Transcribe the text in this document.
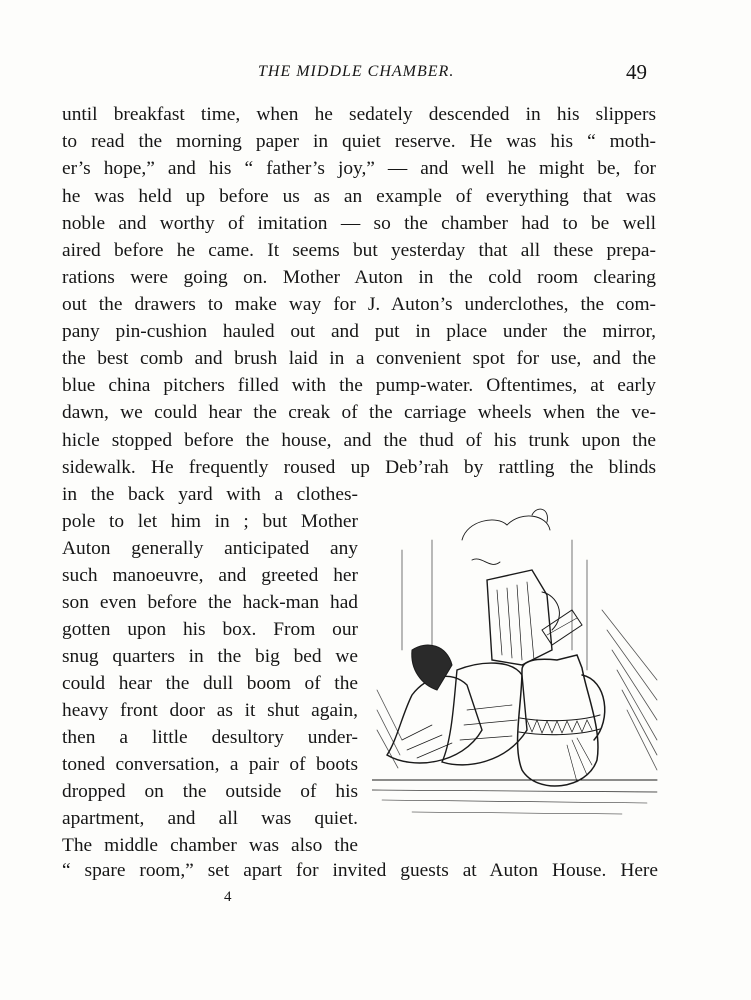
THE MIDDLE CHAMBER.	49
until breakfast time, when he sedately descended in his slippers
to read the morning paper in quiet reserve. He was his “ moth-
er’s hope,” and his “ father’s joy,” — and well he might be, for
he was held up before us as an example of everything that was
noble and worthy of imitation — so the chamber had to be well
aired before he came. It seems but yesterday that all these prepa-
rations were going on. Mother Auton in the cold room clearing
out the drawers to make way for J. Auton’s underclothes, the com-
pany pin-cushion hauled out and put in place under the mirror,
the best comb and brush laid in a convenient spot for use, and the
blue china pitchers filled with the pump-water. Oftentimes, at early
dawn, we could hear the creak of the carriage wheels when the ve-
hicle stopped before the house, and the thud of his trunk upon the
sidewalk. He frequently roused up Deb’rah by rattling the blinds
in the back yard with a clothes-
pole to let him in ; but Mother
Auton generally anticipated any
such manoeuvre, and greeted her
son even before the hack-man had
gotten upon his box. From our
snug quarters in the big bed we
could hear the dull boom of the
heavy front door as it shut again,
then a little desultory under-
toned conversation, a pair of boots
dropped on the outside of his
apartment, and all was quiet.
The middle chamber was also the
“ spare room,” set apart for invited guests at Auton House. Here
4
